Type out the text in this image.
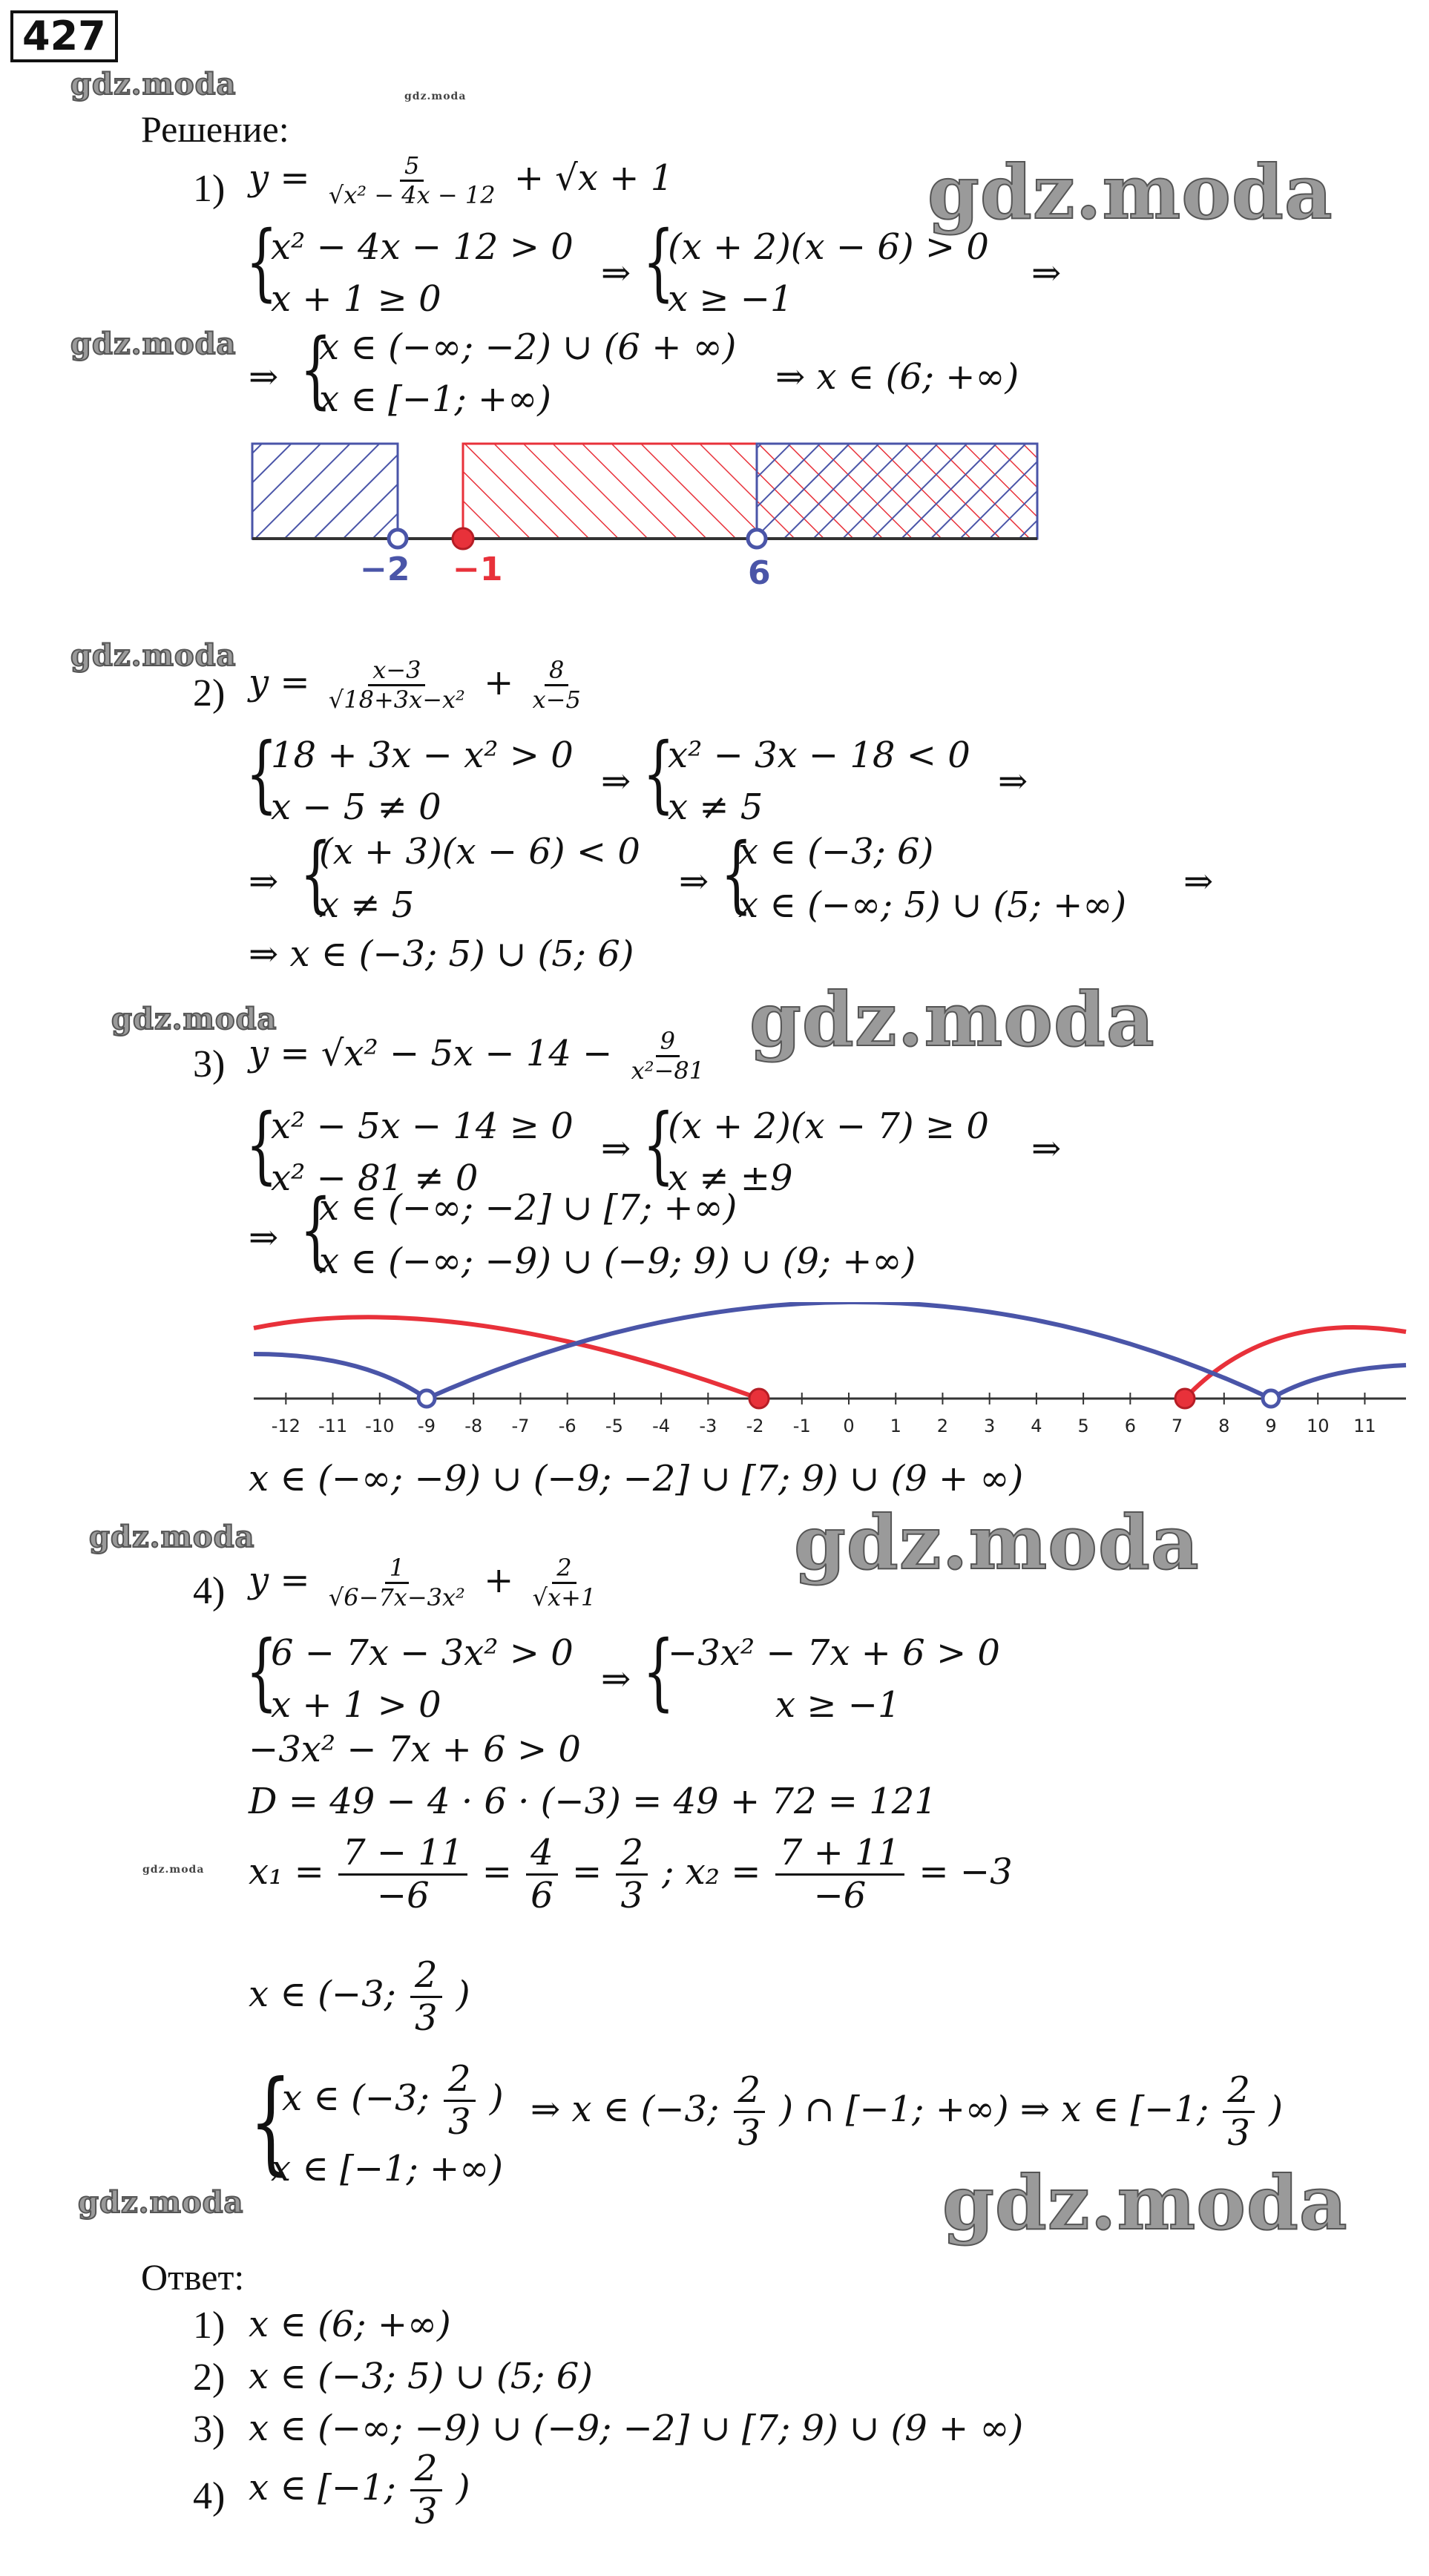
427
gdz.moda	gdz.moda
gdz.moda
gdz.moda
gdz.moda
gdz.moda	gdz.moda
gdz.moda	gdz.moda
gdz.moda
gdz.moda	gdz.moda
Решение:
1) $y = \frac{5}{\text{√x² − 4x − 12}} + √x + 1$
{
x² − 4x − 12 > 0
x + 1 ≥ 0
⇒ {
(x + 2)(x − 6) > 0
x ≥ −1
⇒
⇒ {
x ∈ (−∞; −2) ∪ (6 + ∞)
x ∈ [−1; +∞)
⇒ x ∈ (6; +∞)
−2 −1	6
2) $y = \frac{x-3}{\text{√18+3x−x²}} + \frac{8}{x-5}$
{
18 + 3x − x² > 0
x − 5 ≠ 0
⇒ {
x² − 3x − 18 < 0
x ≠ 5
⇒
⇒ {
(x + 3)(x − 6) < 0
x ≠ 5
⇒ {
x ∈ (−3; 6)
x ∈ (−∞; 5) ∪ (5; +∞)
⇒
⇒ x ∈ (−3; 5) ∪ (5; 6)
3) $y = √x^2 - 5x - 14 - \frac{9}{\text{x²−81}}$
{
x² − 5x − 14 ≥ 0
x² − 81 ≠ 0
⇒ {
(x + 2)(x − 7) ≥ 0
x ≠ ±9
⇒
⇒ {
x ∈ (−∞; −2] ∪ [7; +∞)
x ∈ (−∞; −9) ∪ (−9; 9) ∪ (9; +∞)
-12 -11 -10 -9 -8 -7 -6 -5 -4 -3 -2 -1 0 1 2 3 4 5 6 7 8 9 10 11
x ∈ (−∞; −9) ∪ (−9; −2] ∪ [7; 9) ∪ (9 + ∞)
4) $y = \frac{1}{\text{√6−7x−3x²}} + \frac{2}{√x+1}$
{
6 − 7x − 3x² > 0
x + 1 > 0
⇒ {
−3x² − 7x + 6 > 0
x ≥ −1
−3x² − 7x + 6 > 0
D = 49 − 4 · 6 · (−3) = 49 + 72 = 121
$x_1 = \frac{7 - 11}{-6} = \frac{4}{6} = \frac{2}{3}$ ; $x_2 = \frac{7 + 11}{-6} = -3$
x ∈ (−3; $\frac{2}{3}$ )
{
x ∈ (−3; $\frac{2}{3}$ )
x ∈ [−1; +∞)
⇒ x ∈ (−3; $\frac{2}{3}$ ) ∩ [−1; +∞) ⇒ x ∈ [−1; $\frac{2}{3}$ )
Ответ:
1) x ∈ (6; +∞)
2) x ∈ (−3; 5) ∪ (5; 6)
3) x ∈ (−∞; −9) ∪ (−9; −2] ∪ [7; 9) ∪ (9 + ∞)
4) x ∈ [−1; $\frac{2}{3}$ )
